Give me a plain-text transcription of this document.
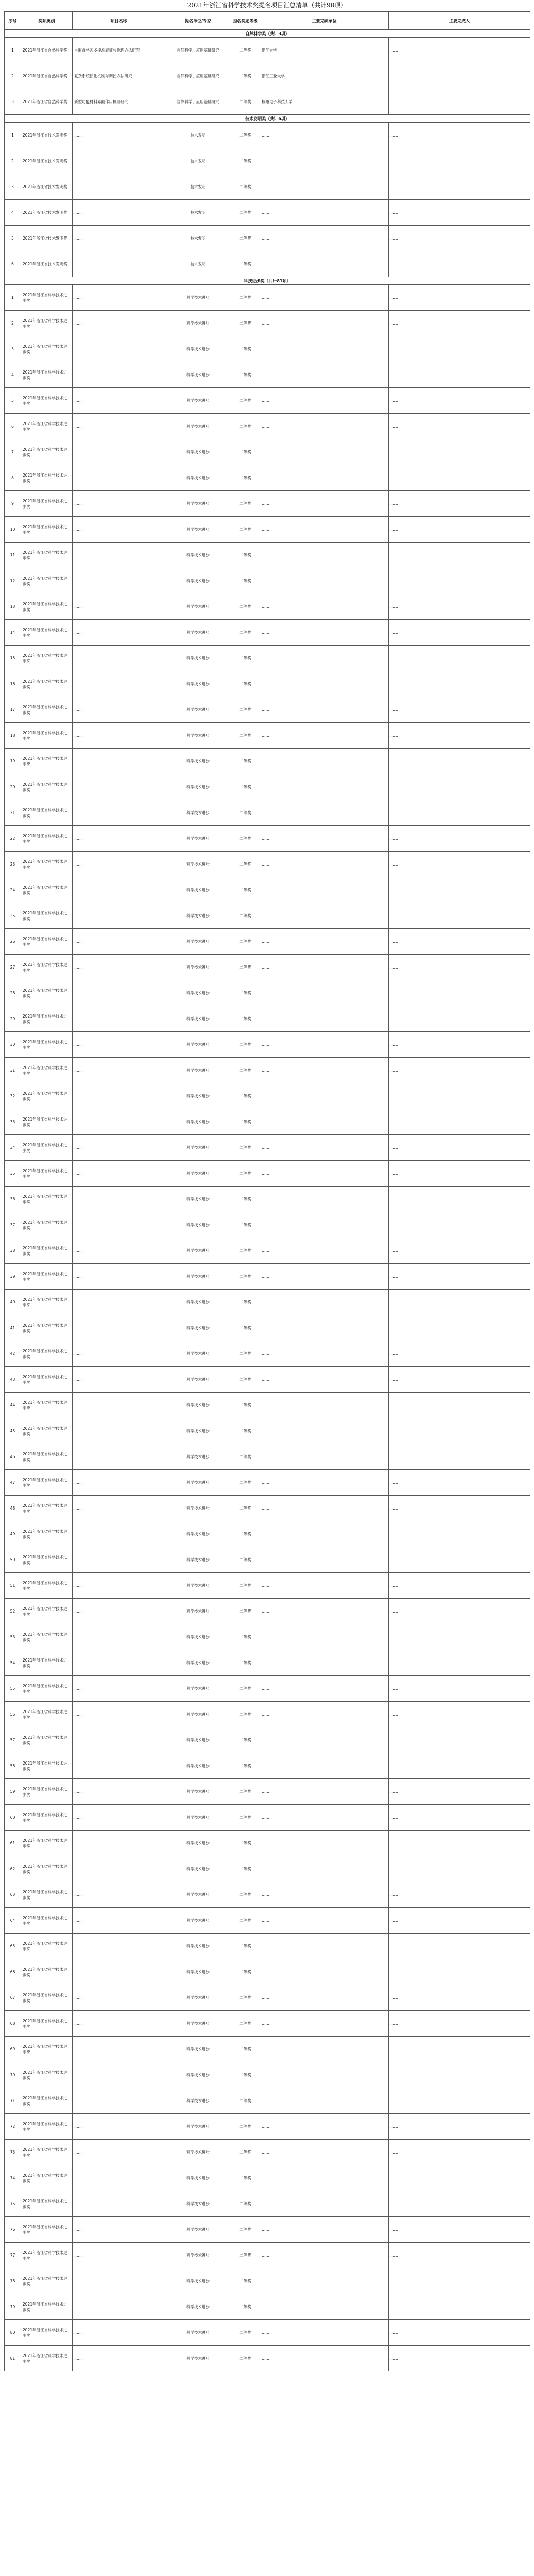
2021年浙江省科学技术奖提名项目汇总清单（共计90项）
序号	奖项类别	项目名称	提名单位/专家	提名奖励等级	主要完成单位	主要完成人
自然科学奖（共计3项）						
1	2021年浙江省自然科学奖	自监督学习多模态表征与推理方法研究	自然科学、应用基础研究	二等奖	浙江大学	……
2	2021年浙江省自然科学奖	复杂系统演化机制与调控方法研究	自然科学、应用基础研究	二等奖	浙江工业大学	……
3	2021年浙江省自然科学奖	新型功能材料界面作用机理研究	自然科学、应用基础研究	二等奖	杭州电子科技大学	……
技术发明奖（共计6项）						
1	2021年浙江省技术发明奖	……	技术发明	二等奖	……	……
2	2021年浙江省技术发明奖	……	技术发明	二等奖	……	……
3	2021年浙江省技术发明奖	……	技术发明	二等奖	……	……
4	2021年浙江省技术发明奖	……	技术发明	二等奖	……	……
5	2021年浙江省技术发明奖	……	技术发明	二等奖	……	……
6	2021年浙江省技术发明奖	……	技术发明	二等奖	……	……
科技进步奖（共计81项）						
1	2021年浙江省科学技术进步奖	……	科学技术进步	二等奖	……	……
2	2021年浙江省科学技术进步奖	……	科学技术进步	二等奖	……	……
3	2021年浙江省科学技术进步奖	……	科学技术进步	二等奖	……	……
4	2021年浙江省科学技术进步奖	……	科学技术进步	二等奖	……	……
5	2021年浙江省科学技术进步奖	……	科学技术进步	二等奖	……	……
6	2021年浙江省科学技术进步奖	……	科学技术进步	二等奖	……	……
7	2021年浙江省科学技术进步奖	……	科学技术进步	二等奖	……	……
8	2021年浙江省科学技术进步奖	……	科学技术进步	二等奖	……	……
9	2021年浙江省科学技术进步奖	……	科学技术进步	二等奖	……	……
10	2021年浙江省科学技术进步奖	……	科学技术进步	二等奖	……	……
11	2021年浙江省科学技术进步奖	……	科学技术进步	二等奖	……	……
12	2021年浙江省科学技术进步奖	……	科学技术进步	二等奖	……	……
13	2021年浙江省科学技术进步奖	……	科学技术进步	二等奖	……	……
14	2021年浙江省科学技术进步奖	……	科学技术进步	二等奖	……	……
15	2021年浙江省科学技术进步奖	……	科学技术进步	二等奖	……	……
16	2021年浙江省科学技术进步奖	……	科学技术进步	二等奖	……	……
17	2021年浙江省科学技术进步奖	……	科学技术进步	二等奖	……	……
18	2021年浙江省科学技术进步奖	……	科学技术进步	二等奖	……	……
19	2021年浙江省科学技术进步奖	……	科学技术进步	二等奖	……	……
20	2021年浙江省科学技术进步奖	……	科学技术进步	二等奖	……	……
21	2021年浙江省科学技术进步奖	……	科学技术进步	二等奖	……	……
22	2021年浙江省科学技术进步奖	……	科学技术进步	二等奖	……	……
23	2021年浙江省科学技术进步奖	……	科学技术进步	二等奖	……	……
24	2021年浙江省科学技术进步奖	……	科学技术进步	二等奖	……	……
25	2021年浙江省科学技术进步奖	……	科学技术进步	二等奖	……	……
26	2021年浙江省科学技术进步奖	……	科学技术进步	二等奖	……	……
27	2021年浙江省科学技术进步奖	……	科学技术进步	二等奖	……	……
28	2021年浙江省科学技术进步奖	……	科学技术进步	二等奖	……	……
29	2021年浙江省科学技术进步奖	……	科学技术进步	二等奖	……	……
30	2021年浙江省科学技术进步奖	……	科学技术进步	二等奖	……	……
31	2021年浙江省科学技术进步奖	……	科学技术进步	二等奖	……	……
32	2021年浙江省科学技术进步奖	……	科学技术进步	二等奖	……	……
33	2021年浙江省科学技术进步奖	……	科学技术进步	二等奖	……	……
34	2021年浙江省科学技术进步奖	……	科学技术进步	二等奖	……	……
35	2021年浙江省科学技术进步奖	……	科学技术进步	二等奖	……	……
36	2021年浙江省科学技术进步奖	……	科学技术进步	二等奖	……	……
37	2021年浙江省科学技术进步奖	……	科学技术进步	二等奖	……	……
38	2021年浙江省科学技术进步奖	……	科学技术进步	二等奖	……	……
39	2021年浙江省科学技术进步奖	……	科学技术进步	二等奖	……	……
40	2021年浙江省科学技术进步奖	……	科学技术进步	二等奖	……	……
41	2021年浙江省科学技术进步奖	……	科学技术进步	二等奖	……	……
42	2021年浙江省科学技术进步奖	……	科学技术进步	二等奖	……	……
43	2021年浙江省科学技术进步奖	……	科学技术进步	二等奖	……	……
44	2021年浙江省科学技术进步奖	……	科学技术进步	二等奖	……	……
45	2021年浙江省科学技术进步奖	……	科学技术进步	二等奖	……	……
46	2021年浙江省科学技术进步奖	……	科学技术进步	二等奖	……	……
47	2021年浙江省科学技术进步奖	……	科学技术进步	二等奖	……	……
48	2021年浙江省科学技术进步奖	……	科学技术进步	二等奖	……	……
49	2021年浙江省科学技术进步奖	……	科学技术进步	二等奖	……	……
50	2021年浙江省科学技术进步奖	……	科学技术进步	二等奖	……	……
51	2021年浙江省科学技术进步奖	……	科学技术进步	二等奖	……	……
52	2021年浙江省科学技术进步奖	……	科学技术进步	二等奖	……	……
53	2021年浙江省科学技术进步奖	……	科学技术进步	二等奖	……	……
54	2021年浙江省科学技术进步奖	……	科学技术进步	二等奖	……	……
55	2021年浙江省科学技术进步奖	……	科学技术进步	二等奖	……	……
56	2021年浙江省科学技术进步奖	……	科学技术进步	二等奖	……	……
57	2021年浙江省科学技术进步奖	……	科学技术进步	二等奖	……	……
58	2021年浙江省科学技术进步奖	……	科学技术进步	二等奖	……	……
59	2021年浙江省科学技术进步奖	……	科学技术进步	二等奖	……	……
60	2021年浙江省科学技术进步奖	……	科学技术进步	二等奖	……	……
61	2021年浙江省科学技术进步奖	……	科学技术进步	二等奖	……	……
62	2021年浙江省科学技术进步奖	……	科学技术进步	二等奖	……	……
63	2021年浙江省科学技术进步奖	……	科学技术进步	二等奖	……	……
64	2021年浙江省科学技术进步奖	……	科学技术进步	二等奖	……	……
65	2021年浙江省科学技术进步奖	……	科学技术进步	二等奖	……	……
66	2021年浙江省科学技术进步奖	……	科学技术进步	二等奖	……	……
67	2021年浙江省科学技术进步奖	……	科学技术进步	二等奖	……	……
68	2021年浙江省科学技术进步奖	……	科学技术进步	二等奖	……	……
69	2021年浙江省科学技术进步奖	……	科学技术进步	二等奖	……	……
70	2021年浙江省科学技术进步奖	……	科学技术进步	二等奖	……	……
71	2021年浙江省科学技术进步奖	……	科学技术进步	二等奖	……	……
72	2021年浙江省科学技术进步奖	……	科学技术进步	二等奖	……	……
73	2021年浙江省科学技术进步奖	……	科学技术进步	二等奖	……	……
74	2021年浙江省科学技术进步奖	……	科学技术进步	二等奖	……	……
75	2021年浙江省科学技术进步奖	……	科学技术进步	二等奖	……	……
76	2021年浙江省科学技术进步奖	……	科学技术进步	二等奖	……	……
77	2021年浙江省科学技术进步奖	……	科学技术进步	二等奖	……	……
78	2021年浙江省科学技术进步奖	……	科学技术进步	二等奖	……	……
79	2021年浙江省科学技术进步奖	……	科学技术进步	二等奖	……	……
80	2021年浙江省科学技术进步奖	……	科学技术进步	二等奖	……	……
81	2021年浙江省科学技术进步奖	……	科学技术进步	二等奖	……	……
